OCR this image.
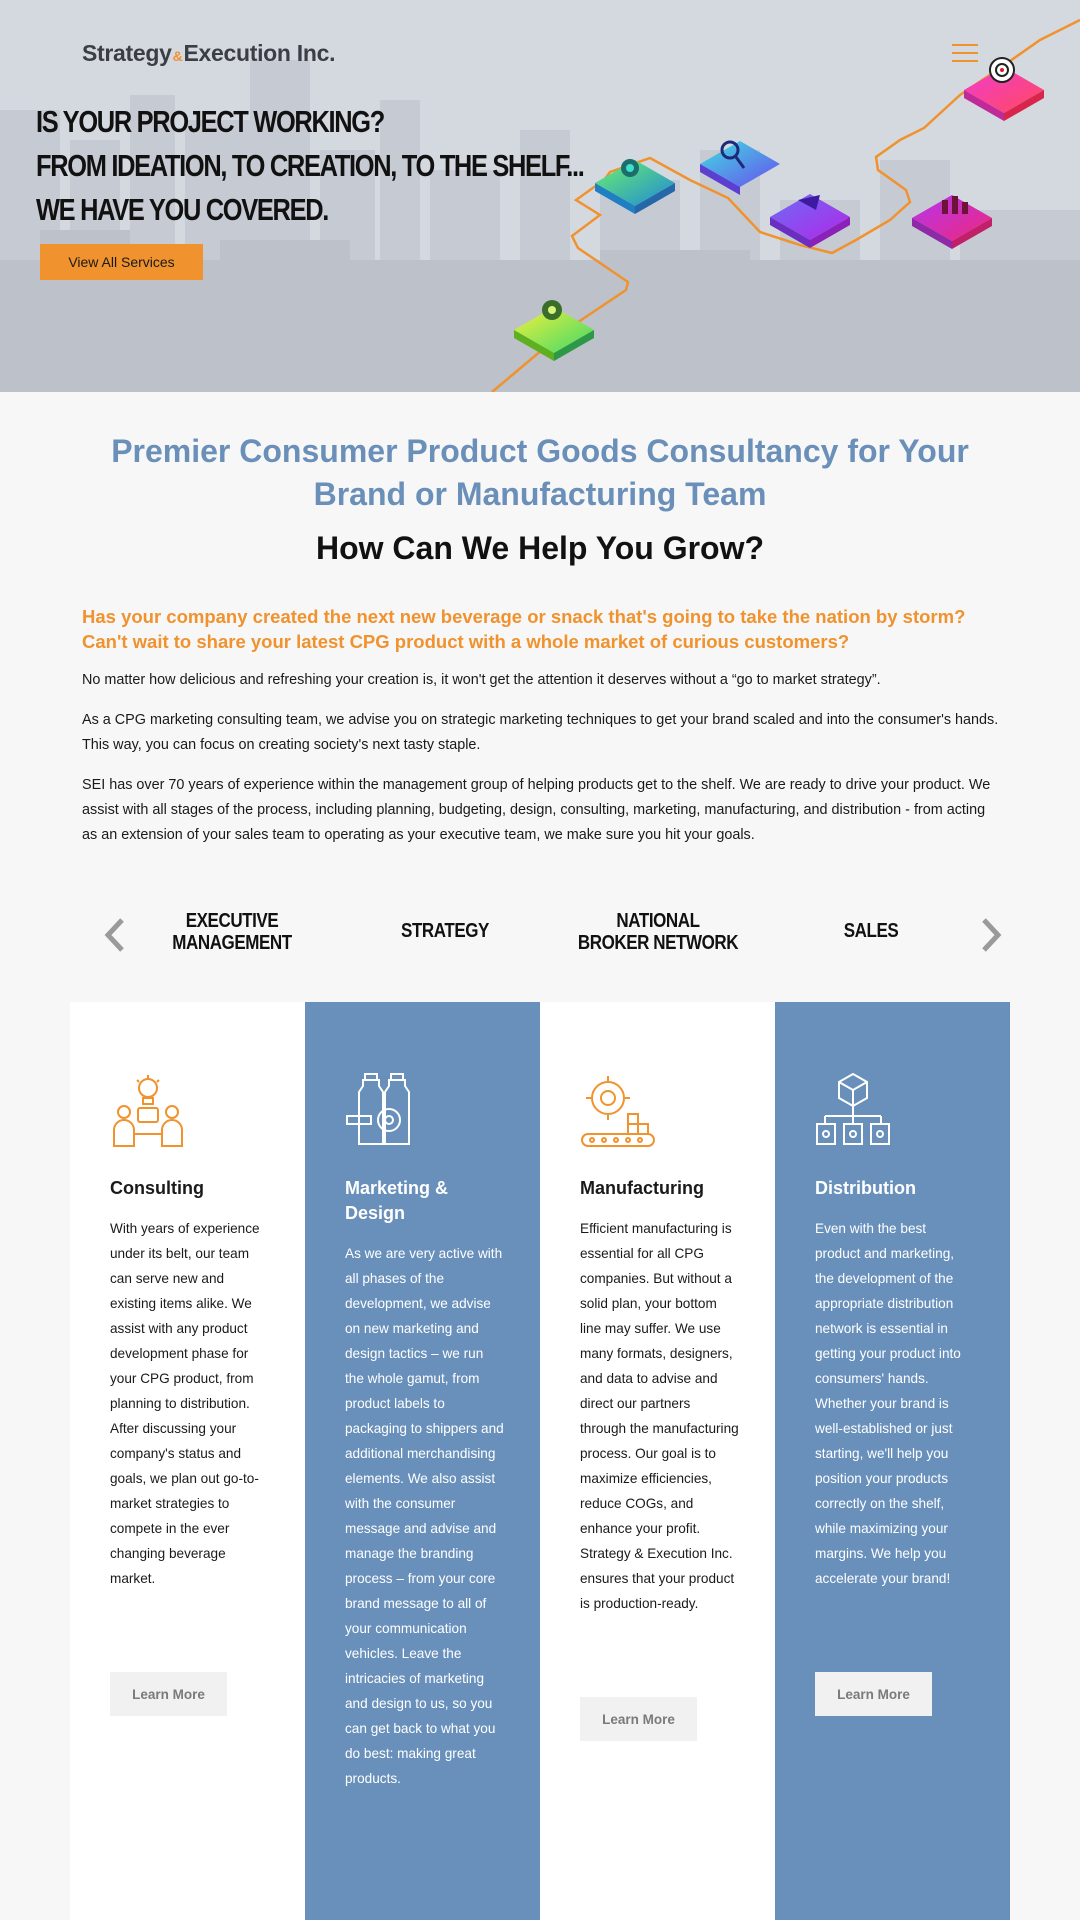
Strategy & Execution Inc.
IS YOUR PROJECT WORKING?
FROM IDEATION, TO CREATION, TO THE SHELF...
WE HAVE YOU COVERED.
View All Services
Premier Consumer Product Goods Consultancy for Your Brand or Manufacturing Team
How Can We Help You Grow?

Has your company created the next new beverage or snack that's going to take the nation by storm? Can't wait to share your latest CPG product with a whole market of curious customers?

No matter how delicious and refreshing your creation is, it won't get the attention it deserves without a “go to market strategy”.

As a CPG marketing consulting team, we advise you on strategic marketing techniques to get your brand scaled and into the consumer's hands. This way, you can focus on creating society's next tasty staple.

SEI has over 70 years of experience within the management group of helping products get to the shelf. We are ready to drive your product. We assist with all stages of the process, including planning, budgeting, design, consulting, marketing, manufacturing, and distribution - from acting as an extension of your sales team to operating as your executive team, we make sure you hit your goals.

EXECUTIVE
MANAGEMENT
STRATEGY	NATIONAL
BROKER NETWORK
SALES
Consulting

With years of experience under its belt, our team can serve new and existing items alike. We assist with any product development phase for your CPG product, from planning to distribution. After discussing your company's status and goals, we plan out go-to-market strategies to compete in the ever changing beverage market.

Learn More
Marketing & Design

As we are very active with all phases of the development, we advise on new marketing and design tactics – we run the whole gamut, from product labels to packaging to shippers and additional merchandising elements. We also assist with the consumer message and advise and manage the branding process – from your core brand message to all of your communication vehicles. Leave the intricacies of marketing and design to us, so you can get back to what you do best: making great products.

Manufacturing

Efficient manufacturing is essential for all CPG companies. But without a solid plan, your bottom line may suffer. We use many formats, designers, and data to advise and direct our partners through the manufacturing process. Our goal is to maximize efficiencies, reduce COGs, and enhance your profit. Strategy & Execution Inc. ensures that your product is production-ready.

Learn More
Distribution

Even with the best product and marketing, the development of the appropriate distribution network is essential in getting your product into consumers' hands. Whether your brand is well-established or just starting, we'll help you position your products correctly on the shelf, while maximizing your margins. We help you accelerate your brand!

Learn More
